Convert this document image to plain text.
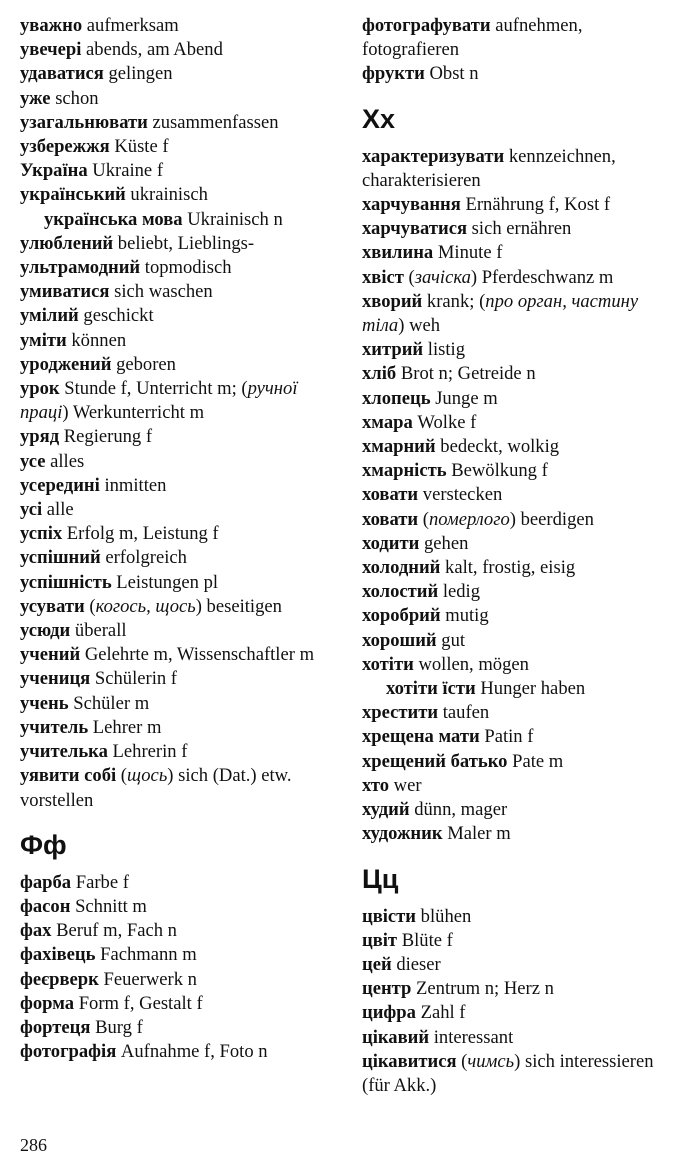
уважно aufmerksam

увечері abends, am Abend

удаватися gelingen

уже schon

узагальнювати zusammenfassen

узбережжя Küste f

Україна Ukraine f

український ukrainisch

українська мова Ukrainisch n

улюблений beliebt, Lieblings-

ультрамодний topmodisch

умиватися sich waschen

умілий geschickt

уміти können

уроджений geboren

урок Stunde f, Unterricht m; (ручної праці) Werkunterricht m

уряд Regierung f

усе alles

усередині inmitten

усі alle

успіх Erfolg m, Leistung f

успішний erfolgreich

успішність Leistungen pl

усувати (когось, щось) beseitigen

усюди überall

учений Gelehrte m, Wissenschaftler m

учениця Schülerin f

учень Schüler m

учитель Lehrer m

учителька Lehrerin f

уявити собі (щось) sich (Dat.) etw. vorstellen

Фф

фарба Farbe f

фасон Schnitt m

фах Beruf m, Fach n

фахівець Fachmann m

феєрверк Feuerwerk n

форма Form f, Gestalt f

фортеця Burg f

фотографія Aufnahme f, Foto n

фотографувати aufnehmen, fotografieren

фрукти Obst n

Хх

характеризувати kennzeichnen, charakterisieren

харчування Ernährung f, Kost f

харчуватися sich ernähren

хвилина Minute f

хвіст (зачіска) Pferdeschwanz m

хворий krank; (про орган, частину тіла) weh

хитрий listig

хліб Brot n; Getreide n

хлопець Junge m

хмара Wolke f

хмарний bedeckt, wolkig

хмарність Bewölkung f

ховати verstecken

ховати (померлого) beerdigen

ходити gehen

холодний kalt, frostig, eisig

холостий ledig

хоробрий mutig

хороший gut

хотіти wollen, mögen

хотіти їсти Hunger haben

хрестити taufen

хрещена мати Patin f

хрещений батько Pate m

хто wer

худий dünn, mager

художник Maler m

Цц

цвісти blühen

цвіт Blüte f

цей dieser

центр Zentrum n; Herz n

цифра Zahl f

цікавий interessant

цікавитися (чимсь) sich interessieren (für Akk.)

286
